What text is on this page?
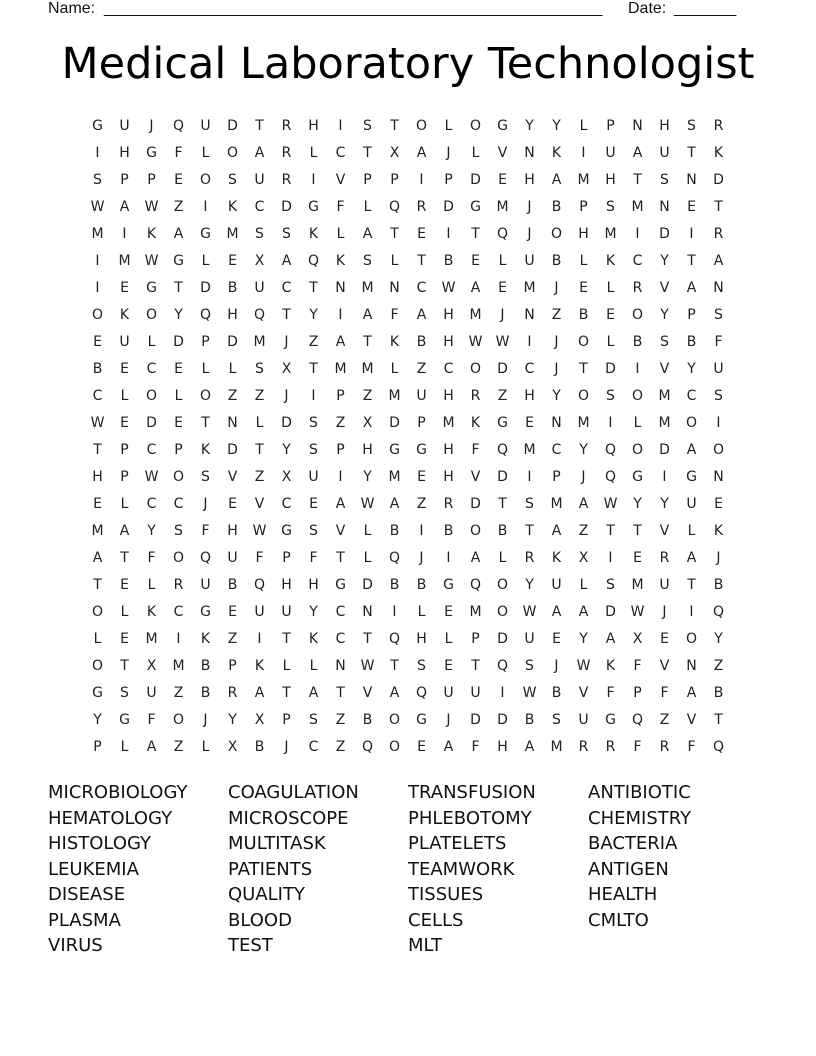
Name: ________________________________________________________ Date: _______
Medical Laboratory Technologist
G	U	J	Q	U	D	T	R	H	I	S	T	O	L	O	G	Y	Y	L	P	N	H	S	R
I	H	G	F	L	O	A	R	L	C	T	X	A	J	L	V	N	K	I	U	A	U	T	K
S	P	P	E	O	S	U	R	I	V	P	P	I	P	D	E	H	A	M	H	T	S	N	D
W	A	W	Z	I	K	C	D	G	F	L	Q	R	D	G	M	J	B	P	S	M	N	E	T
M	I	K	A	G	M	S	S	K	L	A	T	E	I	T	Q	J	O	H	M	I	D	I	R
I	M	W	G	L	E	X	A	Q	K	S	L	T	B	E	L	U	B	L	K	C	Y	T	A
I	E	G	T	D	B	U	C	T	N	M	N	C	W	A	E	M	J	E	L	R	V	A	N
O	K	O	Y	Q	H	Q	T	Y	I	A	F	A	H	M	J	N	Z	B	E	O	Y	P	S
E	U	L	D	P	D	M	J	Z	A	T	K	B	H	W W	I	J	O	L	B	S	B	F
B	E	C	E	L	L	S	X	T	M	M	L	Z	C	O	D	C	J	T	D	I	V	Y	U
C	L	O	L	O	Z	Z	J	I	P	Z	M	U	H	R	Z	H	Y	O	S	O	M	C	S
W	E	D	E	T	N	L	D	S	Z	X	D	P	M	K	G	E	N	M	I	L	M	O	I
T	P	C	P	K	D	T	Y	S	P	H	G	G	H	F	Q	M	C	Y	Q	O	D	A	O
H	P	W	O	S	V	Z	X	U	I	Y	M	E	H	V	D	I	P	J	Q	G	I	G	N
E	L	C	C	J	E	V	C	E	A	W	A	Z	R	D	T	S	M	A	W	Y	Y	U	E
M	A	Y	S	F	H	W	G	S	V	L	B	I	B	O	B	T	A	Z	T	T	V	L	K
A	T	F	O	Q	U	F	P	F	T	L	Q	J	I	A	L	R	K	X	I	E	R	A	J
T	E	L	R	U	B	Q	H	H	G	D	B	B	G	Q	O	Y	U	L	S	M	U	T	B
O	L	K	C	G	E	U	U	Y	C	N	I	L	E	M	O	W	A	A	D	W	J	I	Q
L	E	M	I	K	Z	I	T	K	C	T	Q	H	L	P	D	U	E	Y	A	X	E	O	Y
O	T	X	M	B	P	K	L	L	N	W	T	S	E	T	Q	S	J	W	K	F	V	N	Z
G	S	U	Z	B	R	A	T	A	T	V	A	Q	U	U	I	W	B	V	F	P	F	A	B
Y	G	F	O	J	Y	X	P	S	Z	B	O	G	J	D	D	B	S	U	G	Q	Z	V	T
P	L	A	Z	L	X	B	J	C	Z	Q	O	E	A	F	H	A	M	R	R	F	R	F	Q
MICROBIOLOGY	COAGULATION	TRANSFUSION	ANTIBIOTIC
HEMATOLOGY	MICROSCOPE	PHLEBOTOMY	CHEMISTRY
HISTOLOGY	MULTITASK	PLATELETS	BACTERIA
LEUKEMIA	PATIENTS	TEAMWORK	ANTIGEN
DISEASE	QUALITY	TISSUES	HEALTH
PLASMA	BLOOD	CELLS	CMLTO
VIRUS	TEST	MLT
